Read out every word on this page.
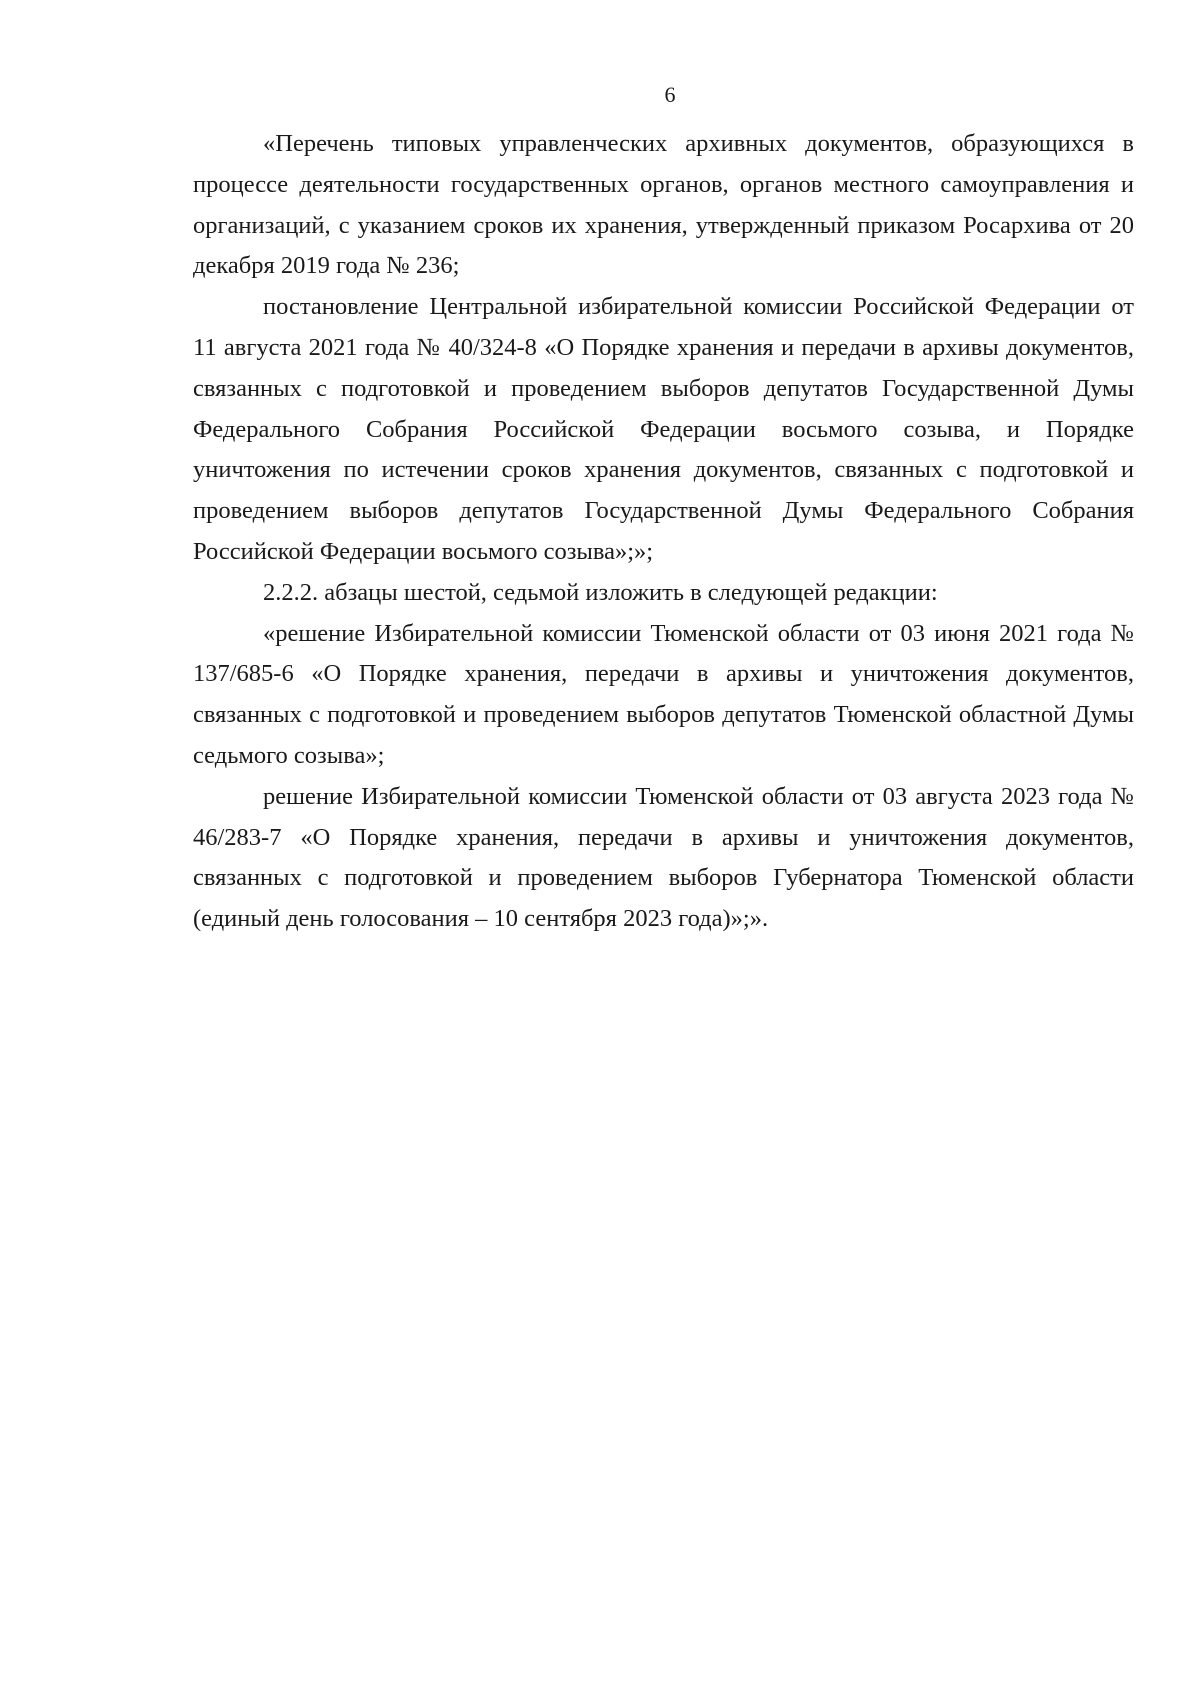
6

«Перечень типовых управленческих архивных документов, образующихся в процессе деятельности государственных органов, органов местного самоуправления и организаций, с указанием сроков их хранения, утвержденный приказом Росархива от 20 декабря 2019 года № 236;

постановление Центральной избирательной комиссии Российской Федерации от 11 августа 2021 года № 40/324-8 «О Порядке хранения и передачи в архивы документов, связанных с подготовкой и проведением выборов депутатов Государственной Думы Федерального Собрания Российской Федерации восьмого созыва, и Порядке уничтожения по истечении сроков хранения документов, связанных с подготовкой и проведением выборов депутатов Государственной Думы Федерального Собрания Российской Федерации восьмого созыва»;»;

2.2.2. абзацы шестой, седьмой изложить в следующей редакции:

«решение Избирательной комиссии Тюменской области от 03 июня 2021 года № 137/685-6 «О Порядке хранения, передачи в архивы и уничтожения документов, связанных с подготовкой и проведением выборов депутатов Тюменской областной Думы седьмого созыва»;

решение Избирательной комиссии Тюменской области от 03 августа 2023 года № 46/283-7 «О Порядке хранения, передачи в архивы и уничтожения документов, связанных с подготовкой и проведением выборов Губернатора Тюменской области (единый день голосования – 10 сентября 2023 года)»;».
